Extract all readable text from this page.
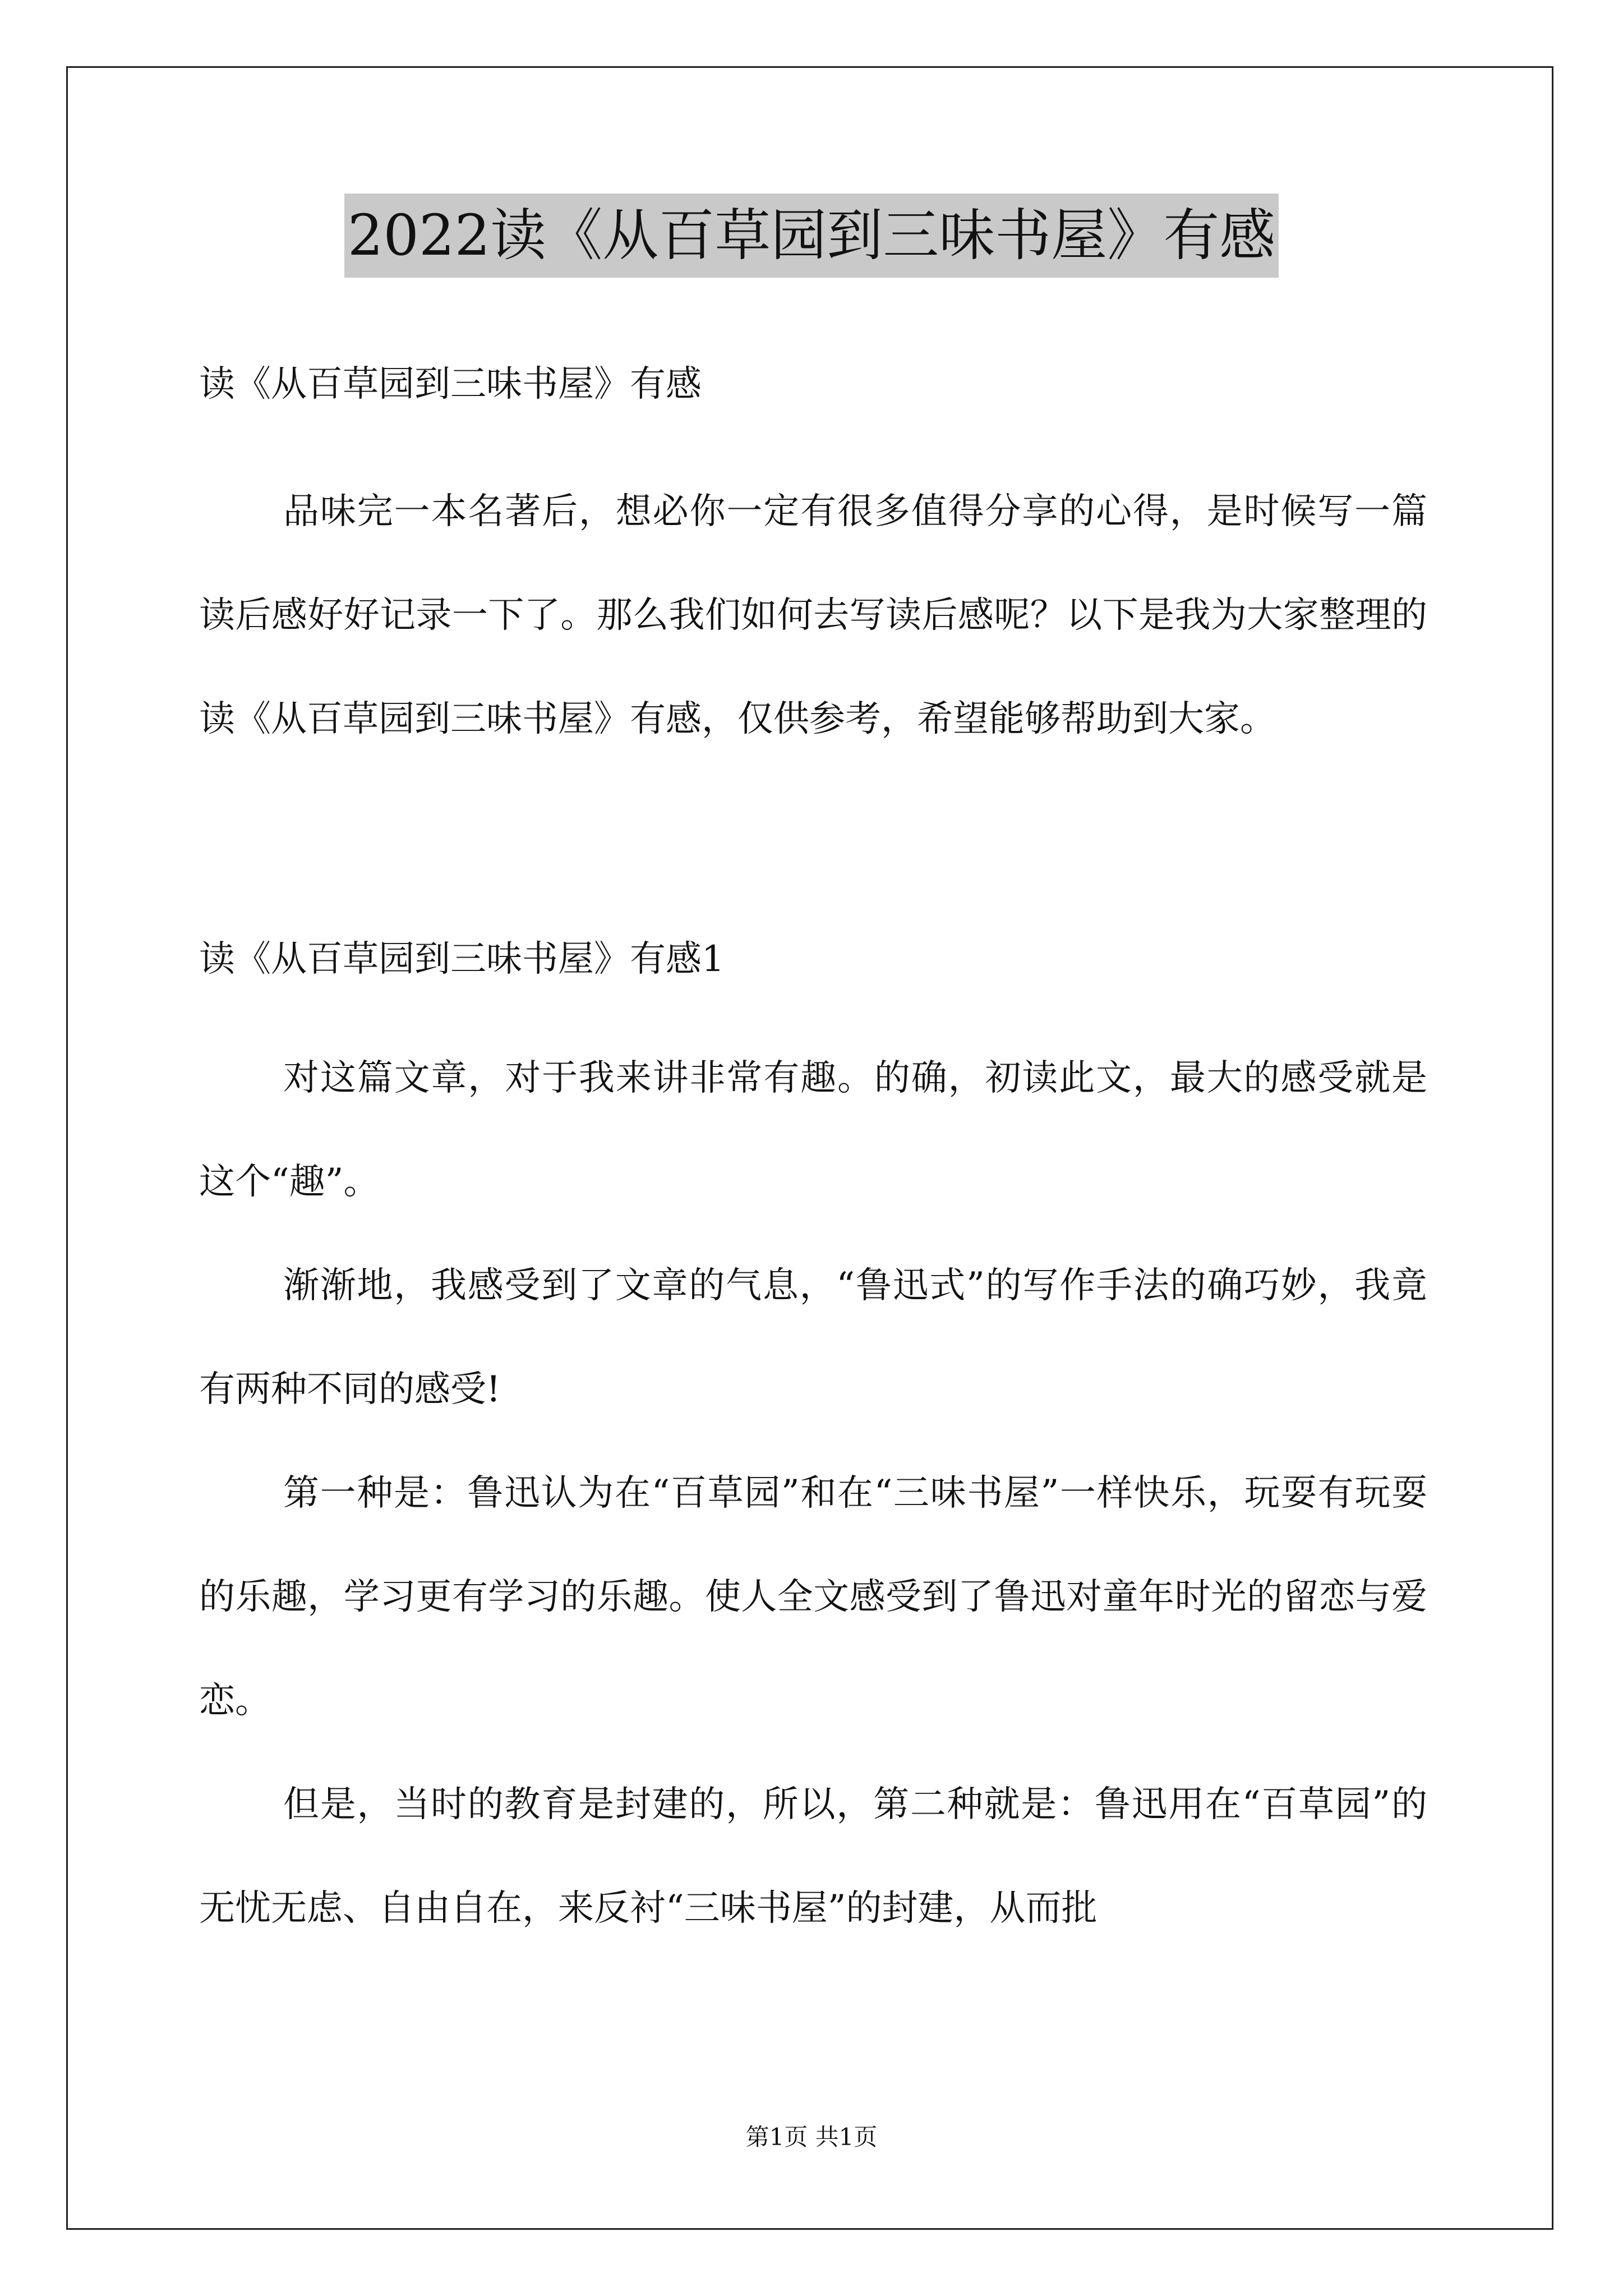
2022读《从百草园到三味书屋》有感

读《从百草园到三味书屋》有感

品味完一本名著后，想必你一定有很多值得分享的心得，是时候写一篇读后感好好记录一下了。那么我们如何去写读后感呢？以下是我为大家整理的读《从百草园到三味书屋》有感，仅供参考，希望能够帮助到大家。

读《从百草园到三味书屋》有感1

对这篇文章，对于我来讲非常有趣。的确，初读此文，最大的感受就是这个“趣”。

渐渐地，我感受到了文章的气息，“鲁迅式”的写作手法的确巧妙，我竟有两种不同的感受!

第一种是：鲁迅认为在“百草园”和在“三味书屋”一样快乐，玩耍有玩耍的乐趣，学习更有学习的乐趣。使人全文感受到了鲁迅对童年时光的留恋与爱恋。

但是，当时的教育是封建的，所以，第二种就是：鲁迅用在“百草园”的无忧无虑、自由自在，来反衬“三味书屋”的封建，从而批

第1页 共1页
